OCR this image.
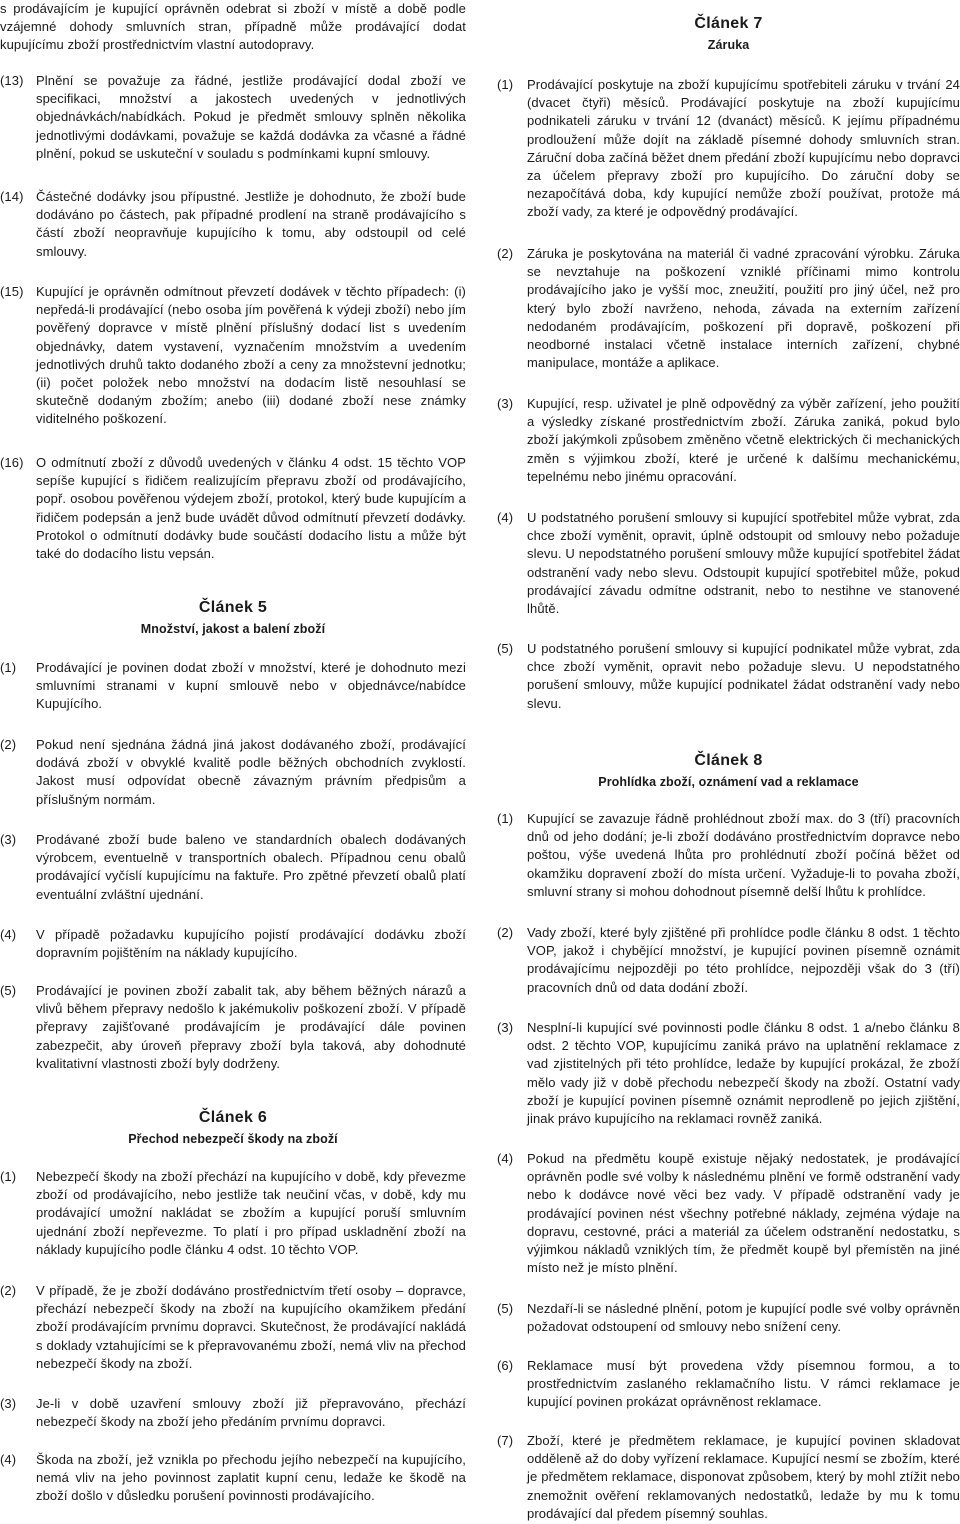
s prodávajícím je kupující oprávněn odebrat si zboží v místě a době podle vzájemné dohody smluvních stran, případně může prodávající dodat kupujícímu zboží prostřednictvím vlastní autodopravy.
(13) Plnění se považuje za řádné, jestliže prodávající dodal zboží ve specifikaci, množství a jakostech uvedených v jednotlivých objednávkách/nabídkách. Pokud je předmět smlouvy splněn několika jednotlivými dodávkami, považuje se každá dodávka za včasné a řádné plnění, pokud se uskuteční v souladu s podmínkami kupní smlouvy.
(14) Částečné dodávky jsou přípustné. Jestliže je dohodnuto, že zboží bude dodáváno po částech, pak případné prodlení na straně prodávajícího s částí zboží neopravňuje kupujícího k tomu, aby odstoupil od celé smlouvy.
(15) Kupující je oprávněn odmítnout převzetí dodávek v těchto případech: (i) nepředá-li prodávající (nebo osoba jím pověřená k výdeji zboží) nebo jím pověřený dopravce v místě plnění příslušný dodací list s uvedením objednávky, datem vystavení, vyznačením množstvím a uvedením jednotlivých druhů takto dodaného zboží a ceny za množstevní jednotku; (ii) počet položek nebo množství na dodacím listě nesouhlasí se skutečně dodaným zbožím; anebo (iii) dodané zboží nese známky viditelného poškození.
(16) O odmítnutí zboží z důvodů uvedených v článku 4 odst. 15 těchto VOP sepíše kupující s řidičem realizujícím přepravu zboží od prodávajícího, popř. osobou pověřenou výdejem zboží, protokol, který bude kupujícím a řidičem podepsán a jenž bude uvádět důvod odmítnutí převzetí dodávky. Protokol o odmítnutí dodávky bude součástí dodacího listu a může být také do dodacího listu vepsán.
Článek 5
Množství, jakost a balení zboží
(1)	Prodávající je povinen dodat zboží v množství, které je dohodnuto mezi smluvními stranami v kupní smlouvě nebo v objednávce/nabídce Kupujícího.
(2)	Pokud není sjednána žádná jiná jakost dodávaného zboží, prodávající dodává zboží v obvyklé kvalitě podle běžných obchodních zvyklostí. Jakost musí odpovídat obecně závazným právním předpisům a příslušným normám.
(3)	Prodávané zboží bude baleno ve standardních obalech dodávaných výrobcem, eventuelně v transportních obalech. Případnou cenu obalů prodávající vyčíslí kupujícímu na faktuře. Pro zpětné převzetí obalů platí eventuální zvláštní ujednání.
(4)	V případě požadavku kupujícího pojistí prodávající dodávku zboží dopravním pojištěním na náklady kupujícího.
(5)	Prodávající je povinen zboží zabalit tak, aby během běžných nárazů a vlivů během přepravy nedošlo k jakémukoliv poškození zboží. V případě přepravy zajišťované prodávajícím je prodávající dále povinen zabezpečit, aby úroveň přepravy zboží byla taková, aby dohodnuté kvalitativní vlastnosti zboží byly dodrženy.
Článek 6
Přechod nebezpečí škody na zboží
(1)	Nebezpečí škody na zboží přechází na kupujícího v době, kdy převezme zboží od prodávajícího, nebo jestliže tak neučiní včas, v době, kdy mu prodávající umožní nakládat se zbožím a kupující poruší smluvním ujednání zboží nepřevezme. To platí i pro případ uskladnění zboží na náklady kupujícího podle článku 4 odst. 10 těchto VOP.
(2)	V případě, že je zboží dodáváno prostřednictvím třetí osoby – dopravce, přechází nebezpečí škody na zboží na kupujícího okamžikem předání zboží prodávajícím prvnímu dopravci. Skutečnost, že prodávající nakládá s doklady vztahujícími se k přepravovanému zboží, nemá vliv na přechod nebezpečí škody na zboží.
(3)	Je-li v době uzavření smlouvy zboží již přepravováno, přechází nebezpečí škody na zboží jeho předáním prvnímu dopravci.
(4)	Škoda na zboží, jež vznikla po přechodu jejího nebezpečí na kupujícího, nemá vliv na jeho povinnost zaplatit kupní cenu, ledaže ke škodě na zboží došlo v důsledku porušení povinnosti prodávajícího.
Článek 7
Záruka
(1)	Prodávající poskytuje na zboží kupujícímu spotřebiteli záruku v trvání 24 (dvacet čtyři) měsíců. Prodávající poskytuje na zboží kupujícímu podnikateli záruku v trvání 12 (dvanáct) měsíců. K jejímu případnému prodloužení může dojít na základě písemné dohody smluvních stran. Záruční doba začíná běžet dnem předání zboží kupujícímu nebo dopravci za účelem přepravy zboží pro kupujícího. Do záruční doby se nezapočítává doba, kdy kupující nemůže zboží používat, protože má zboží vady, za které je odpovědný prodávající.
(2)	Záruka je poskytována na materiál či vadné zpracování výrobku. Záruka se nevztahuje na poškození vzniklé příčinami mimo kontrolu prodávajícího jako je vyšší moc, zneužití, použití pro jiný účel, než pro který bylo zboží navrženo, nehoda, závada na externím zařízení nedodaném prodávajícím, poškození při dopravě, poškození při neodborné instalaci včetně instalace interních zařízení, chybné manipulace, montáže a aplikace.
(3)	Kupující, resp. uživatel je plně odpovědný za výběr zařízení, jeho použití a výsledky získané prostřednictvím zboží. Záruka zaniká, pokud bylo zboží jakýmkoli způsobem změněno včetně elektrických či mechanických změn s výjimkou zboží, které je určené k dalšímu mechanickému, tepelnému nebo jinému opracování.
(4)	U podstatného porušení smlouvy si kupující spotřebitel může vybrat, zda chce zboží vyměnit, opravit, úplně odstoupit od smlouvy nebo požaduje slevu. U nepodstatného porušení smlouvy může kupující spotřebitel žádat odstranění vady nebo slevu. Odstoupit kupující spotřebitel může, pokud prodávající závadu odmítne odstranit, nebo to nestihne ve stanovené lhůtě.
(5)	U podstatného porušení smlouvy si kupující podnikatel může vybrat, zda chce zboží vyměnit, opravit nebo požaduje slevu. U nepodstatného porušení smlouvy, může kupující podnikatel žádat odstranění vady nebo slevu.
Článek 8
Prohlídka zboží, oznámení vad a reklamace
(1)	Kupující se zavazuje řádně prohlédnout zboží max. do 3 (tří) pracovních dnů od jeho dodání; je-li zboží dodáváno prostřednictvím dopravce nebo poštou, výše uvedená lhůta pro prohlédnutí zboží počíná běžet od okamžiku dopravení zboží do místa určení. Vyžaduje-li to povaha zboží, smluvní strany si mohou dohodnout písemně delší lhůtu k prohlídce.
(2)	Vady zboží, které byly zjištěné při prohlídce podle článku 8 odst. 1 těchto VOP, jakož i chybějící množství, je kupující povinen písemně oznámit prodávajícímu nejpozději po této prohlídce, nejpozději však do 3 (tří) pracovních dnů od data dodání zboží.
(3)	Nesplní-li kupující své povinnosti podle článku 8 odst. 1 a/nebo článku 8 odst. 2 těchto VOP, kupujícímu zaniká právo na uplatnění reklamace z vad zjistitelných při této prohlídce, ledaže by kupující prokázal, že zboží mělo vady již v době přechodu nebezpečí škody na zboží. Ostatní vady zboží je kupující povinen písemně oznámit neprodleně po jejich zjištění, jinak právo kupujícího na reklamaci rovněž zaniká.
(4)	Pokud na předmětu koupě existuje nějaký nedostatek, je prodávající oprávněn podle své volby k následnému plnění ve formě odstranění vady nebo k dodávce nové věci bez vady. V případě odstranění vady je prodávající povinen nést všechny potřebné náklady, zejména výdaje na dopravu, cestovné, práci a materiál za účelem odstranění nedostatku, s výjimkou nákladů vzniklých tím, že předmět koupě byl přemístěn na jiné místo než je místo plnění.
(5)	Nezdaří-li se následné plnění, potom je kupující podle své volby oprávněn požadovat odstoupení od smlouvy nebo snížení ceny.
(6)	Reklamace musí být provedena vždy písemnou formou, a to prostřednictvím zaslaného reklamačního listu. V rámci reklamace je kupující povinen prokázat oprávněnost reklamace.
(7)	Zboží, které je předmětem reklamace, je kupující povinen skladovat odděleně až do doby vyřízení reklamace. Kupující nesmí se zbožím, které je předmětem reklamace, disponovat způsobem, který by mohl ztížit nebo znemožnit ověření reklamovaných nedostatků, ledaže by mu k tomu prodávající dal předem písemný souhlas.
